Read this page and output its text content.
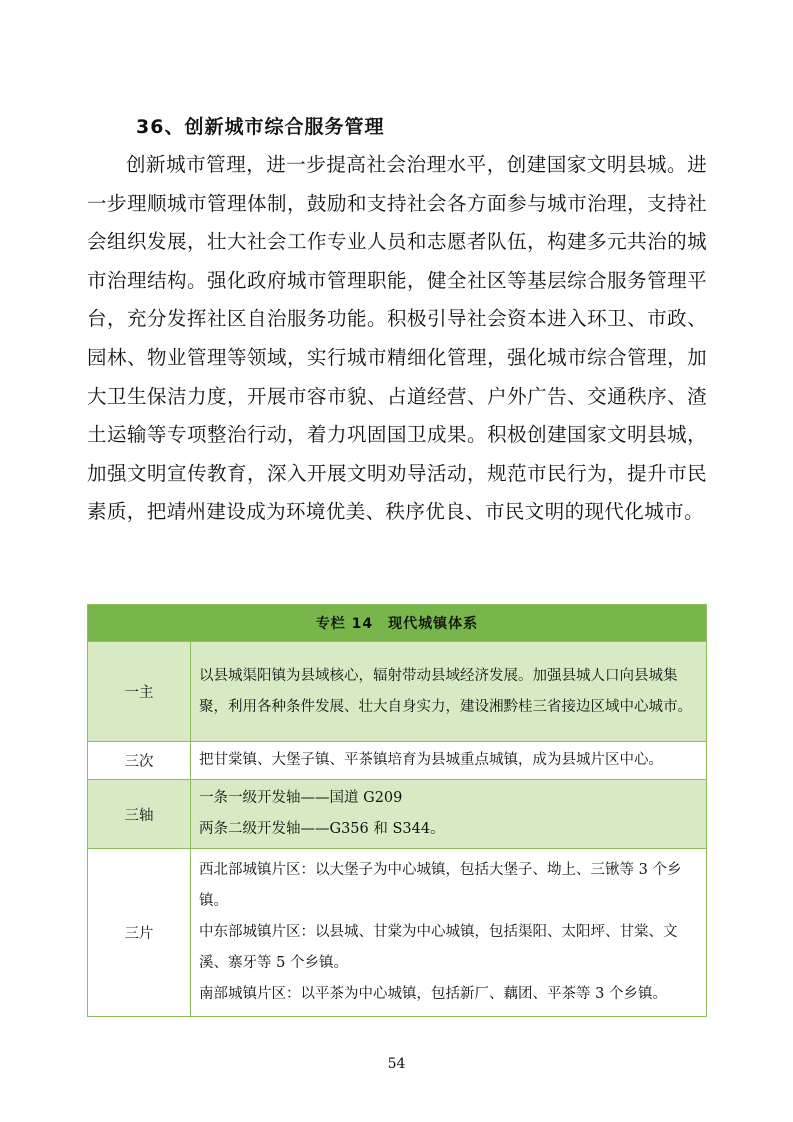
36、创新城市综合服务管理
创新城市管理，进一步提高社会治理水平，创建国家文明县城。进一步理顺城市管理体制，鼓励和支持社会各方面参与城市治理，支持社会组织发展，壮大社会工作专业人员和志愿者队伍，构建多元共治的城市治理结构。强化政府城市管理职能，健全社区等基层综合服务管理平台，充分发挥社区自治服务功能。积极引导社会资本进入环卫、市政、园林、物业管理等领域，实行城市精细化管理，强化城市综合管理，加大卫生保洁力度，开展市容市貌、占道经营、户外广告、交通秩序、渣土运输等专项整治行动，着力巩固国卫成果。积极创建国家文明县城，加强文明宣传教育，深入开展文明劝导活动，规范市民行为，提升市民素质，把靖州建设成为环境优美、秩序优良、市民文明的现代化城市。
专栏 14　现代城镇体系	
一主	以县城渠阳镇为县域核心，辐射带动县域经济发展。加强县城人口向县城集聚，利用各种条件发展、壮大自身实力，建设湘黔桂三省接边区域中心城市。

三次	把甘棠镇、大堡子镇、平茶镇培育为县城重点城镇，成为县城片区中心。

三轴	一条一级开发轴——国道 G209
两条二级开发轴——G356 和 S344。

三片	西北部城镇片区：以大堡子为中心城镇，包括大堡子、坳上、三锹等 3 个乡镇。
中东部城镇片区：以县城、甘棠为中心城镇，包括渠阳、太阳坪、甘棠、文溪、寨牙等 5 个乡镇。
南部城镇片区：以平茶为中心城镇，包括新厂、藕团、平茶等 3 个乡镇。
54
